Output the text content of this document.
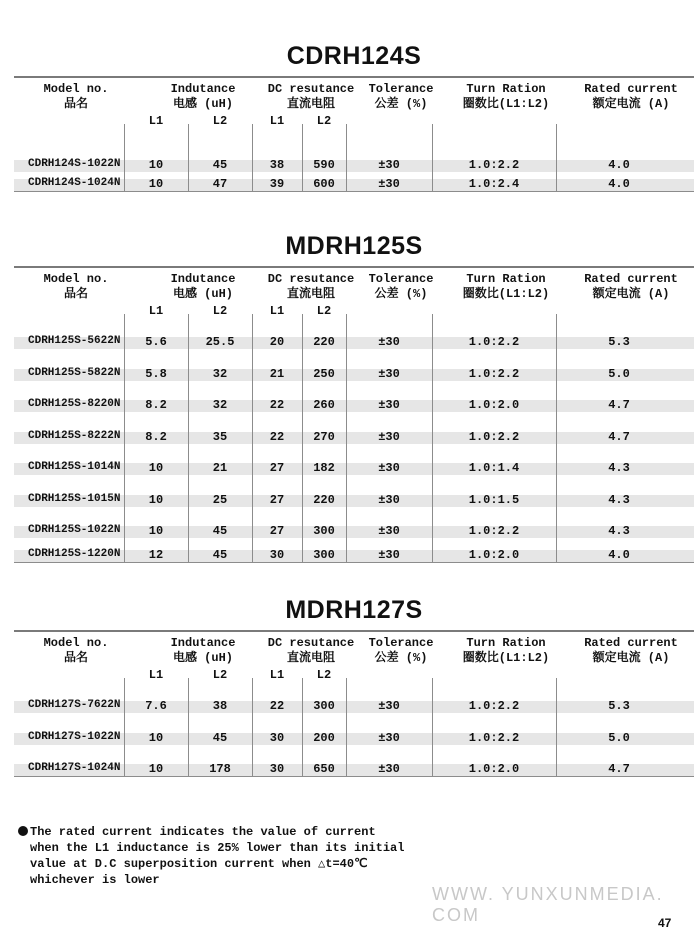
CDRH124S
Model no.
品名
Indutance
电感 (uH)
DC resutance
直流电阻
Tolerance
公差 (%)
Turn Ration
圈数比(L1:L2)
Rated current
额定电流 (A)
L1	L2	L1	L2
CDRH124S-1022N	10	45	38	590	±30	1.0:2.2	4.0
CDRH124S-1024N	10	47	39	600	±30	1.0:2.4	4.0
MDRH125S
Model no.
品名
Indutance
电感 (uH)
DC resutance
直流电阻
Tolerance
公差 (%)
Turn Ration
圈数比(L1:L2)
Rated current
额定电流 (A)
L1	L2	L1	L2
CDRH125S-5622N	5.6	25.5	20	220	±30	1.0:2.2	5.3
CDRH125S-5822N	5.8	32	21	250	±30	1.0:2.2	5.0
CDRH125S-8220N	8.2	32	22	260	±30	1.0:2.0	4.7
CDRH125S-8222N	8.2	35	22	270	±30	1.0:2.2	4.7
CDRH125S-1014N	10	21	27	182	±30	1.0:1.4	4.3
CDRH125S-1015N	10	25	27	220	±30	1.0:1.5	4.3
CDRH125S-1022N	10	45	27	300	±30	1.0:2.2	4.3
CDRH125S-1220N	12	45	30	300	±30	1.0:2.0	4.0
MDRH127S
Model no.
品名
Indutance
电感 (uH)
DC resutance
直流电阻
Tolerance
公差 (%)
Turn Ration
圈数比(L1:L2)
Rated current
额定电流 (A)
L1	L2	L1	L2
CDRH127S-7622N	7.6	38	22	300	±30	1.0:2.2	5.3
CDRH127S-1022N	10	45	30	200	±30	1.0:2.2	5.0
CDRH127S-1024N	10	178	30	650	±30	1.0:2.0	4.7
The rated current indicates the value of current
when the L1 inductance is 25% lower than its initial
value at D.C superposition current when △t=40℃
whichever is lower
WWW. YUNXUNMEDIA. COM	47
